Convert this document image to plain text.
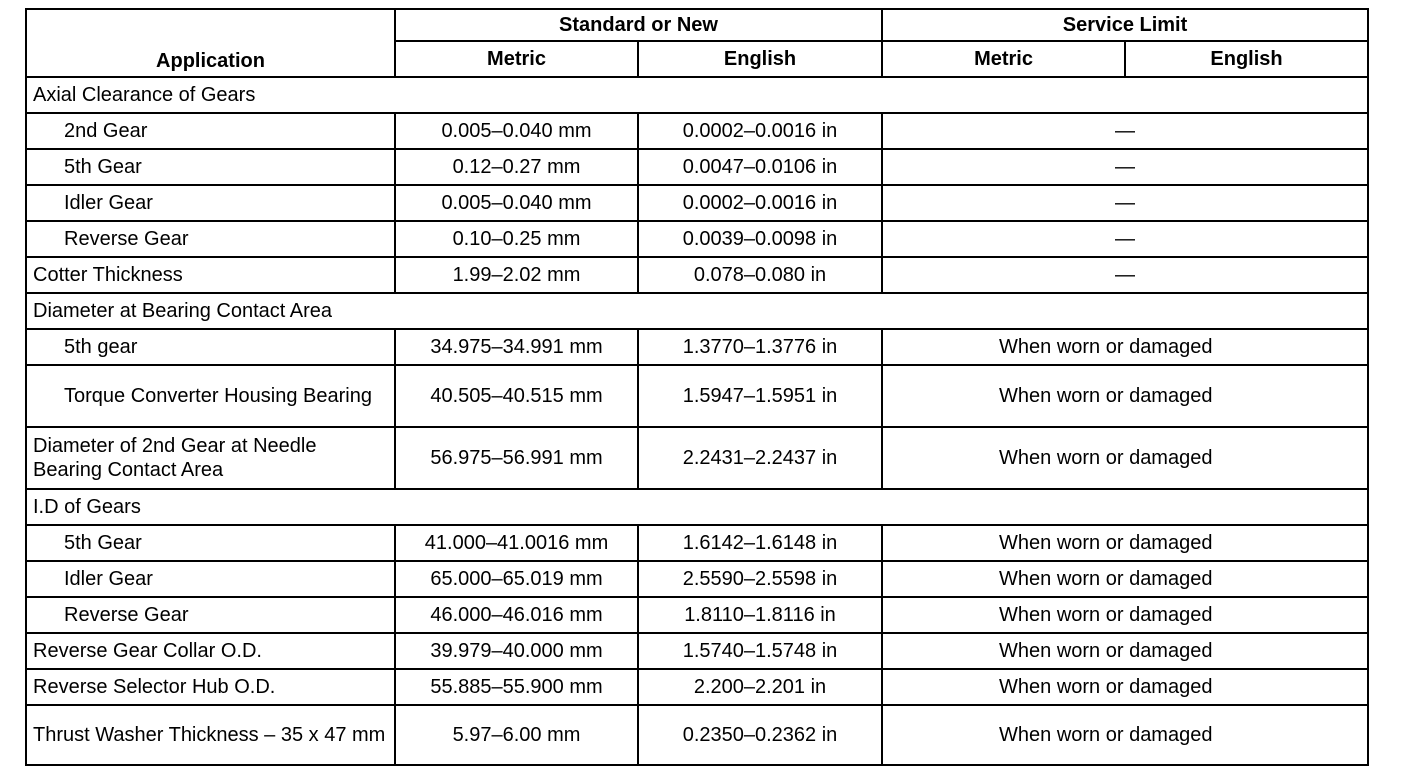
Application	Standard or New		Service Limit	
	Metric	English	Metric	English
Axial Clearance of Gears				
2nd Gear	0.005–0.040 mm	0.0002–0.0016 in	—	
5th Gear	0.12–0.27 mm	0.0047–0.0106 in	—	
Idler Gear	0.005–0.040 mm	0.0002–0.0016 in	—	
Reverse Gear	0.10–0.25 mm	0.0039–0.0098 in	—	
Cotter Thickness	1.99–2.02 mm	0.078–0.080 in	—	
Diameter at Bearing Contact Area				
5th gear	34.975–34.991 mm	1.3770–1.3776 in	When worn or damaged	
Torque Converter Housing Bearing	40.505–40.515 mm	1.5947–1.5951 in	When worn or damaged	
Diameter of 2nd Gear at Needle Bearing Contact Area	56.975–56.991 mm	2.2431–2.2437 in	When worn or damaged	
I.D of Gears				
5th Gear	41.000–41.0016 mm	1.6142–1.6148 in	When worn or damaged	
Idler Gear	65.000–65.019 mm	2.5590–2.5598 in	When worn or damaged	
Reverse Gear	46.000–46.016 mm	1.8110–1.8116 in	When worn or damaged	
Reverse Gear Collar O.D.	39.979–40.000 mm	1.5740–1.5748 in	When worn or damaged	
Reverse Selector Hub O.D.	55.885–55.900 mm	2.200–2.201 in	When worn or damaged	
Thrust Washer Thickness – 35 x 47 mm	5.97–6.00 mm	0.2350–0.2362 in	When worn or damaged	
